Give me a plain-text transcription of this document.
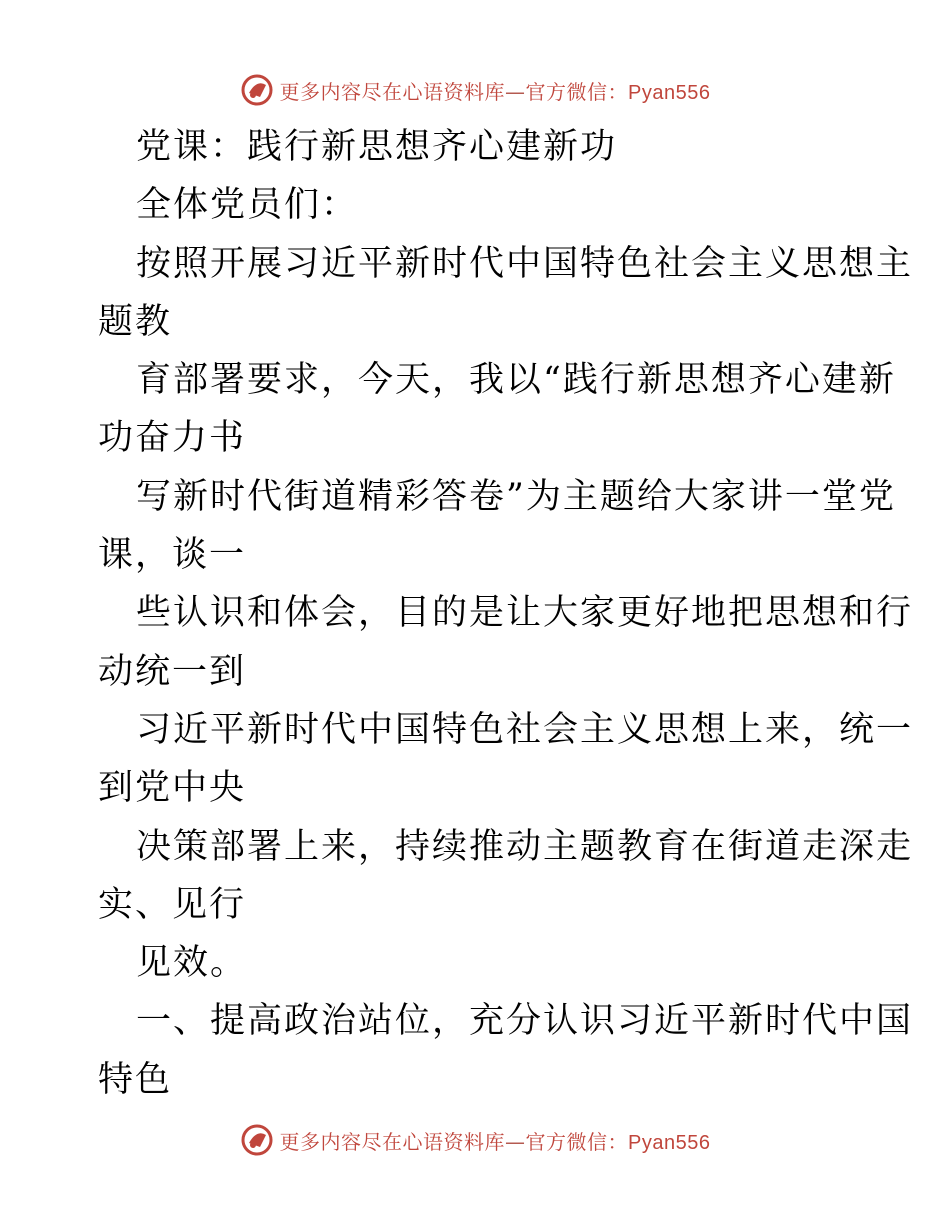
更多内容尽在心语资料库—官方微信：Pyan556
党课：践行新思想齐心建新功
全体党员们：
按照开展习近平新时代中国特色社会主义思想主
题教
育部署要求，今天，我以“践行新思想齐心建新
功奋力书
写新时代街道精彩答卷”为主题给大家讲一堂党
课，谈一
些认识和体会，目的是让大家更好地把思想和行
动统一到
习近平新时代中国特色社会主义思想上来，统一
到党中央
决策部署上来，持续推动主题教育在街道走深走
实、见行
见效。
一、提高政治站位，充分认识习近平新时代中国
特色
更多内容尽在心语资料库—官方微信：Pyan556
